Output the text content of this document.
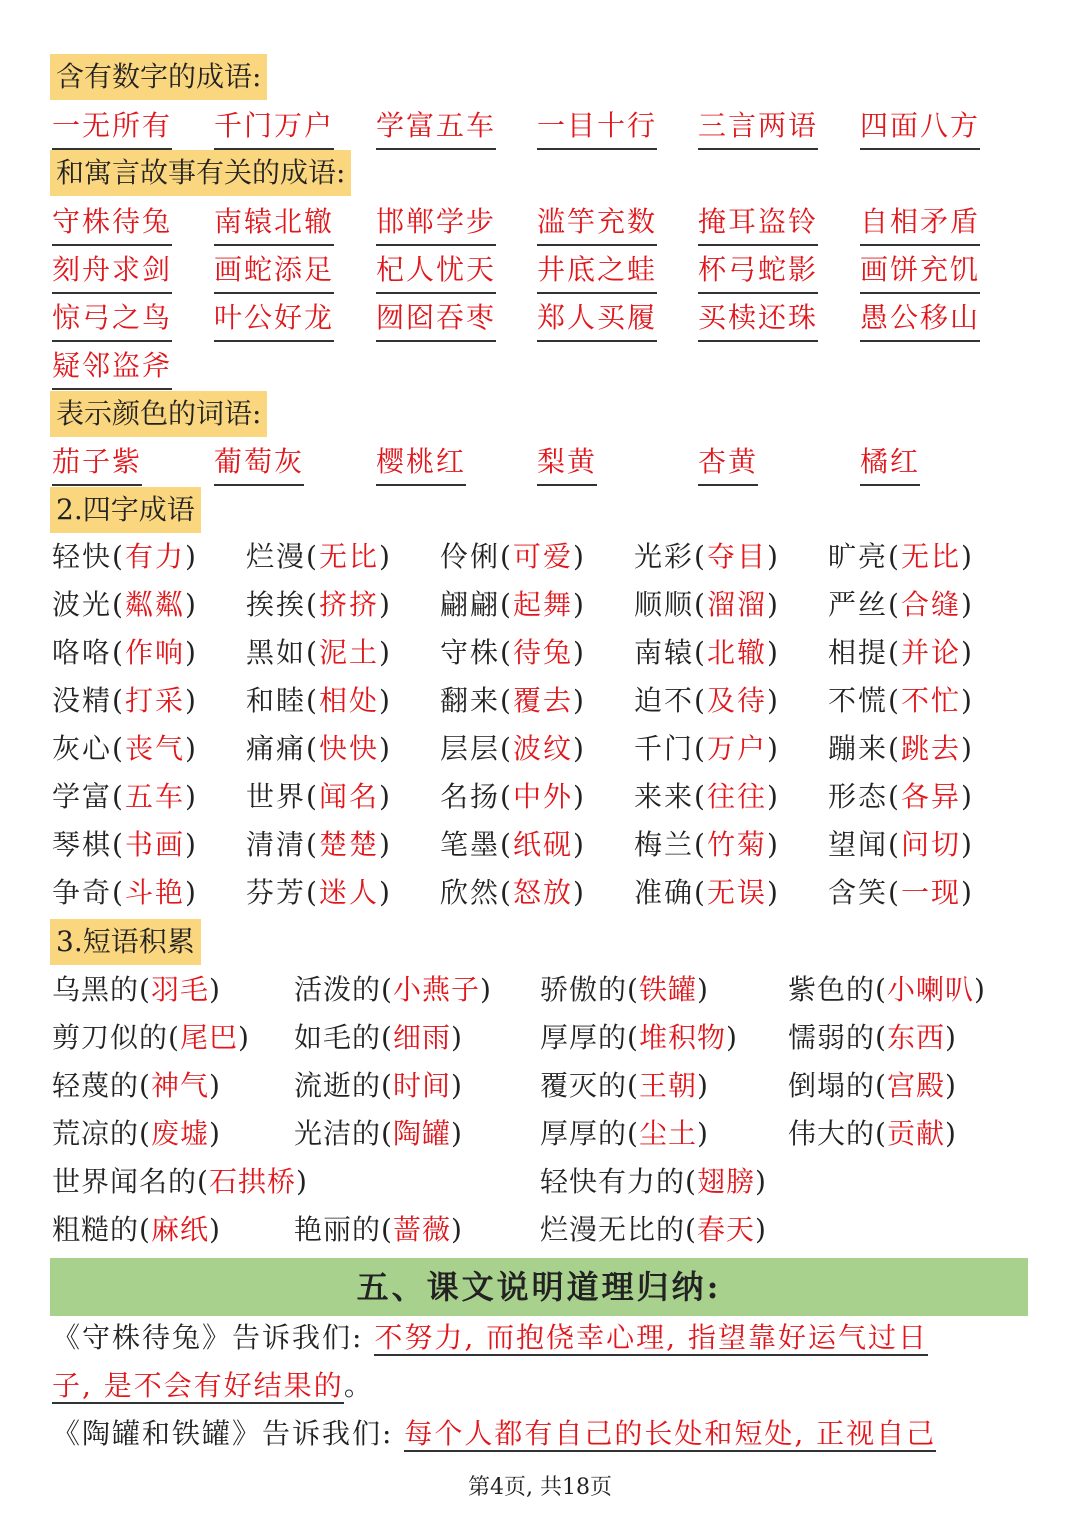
含有数字的成语:
一无所有 千门万户 学富五车 一目十行 三言两语 四面八方
和寓言故事有关的成语:
守株待兔 南辕北辙 邯郸学步 滥竽充数 掩耳盗铃 自相矛盾
刻舟求剑 画蛇添足 杞人忧天 井底之蛙 杯弓蛇影 画饼充饥
惊弓之鸟 叶公好龙 囫囵吞枣 郑人买履 买椟还珠 愚公移山
疑邻盗斧
表示颜色的词语:
茄子紫	葡萄灰	樱桃红	梨黄	杏黄	橘红
2.四字成语
轻快(有力) 烂漫(无比) 伶俐(可爱) 光彩(夺目) 旷亮(无比)
波光(粼粼) 挨挨(挤挤) 翩翩(起舞) 顺顺(溜溜) 严丝(合缝)
咯咯(作响) 黑如(泥土) 守株(待兔) 南辕(北辙) 相提(并论)
没精(打采) 和睦(相处) 翻来(覆去) 迫不(及待) 不慌(不忙)
灰心(丧气) 痛痛(快快) 层层(波纹) 千门(万户) 蹦来(跳去)
学富(五车) 世界(闻名) 名扬(中外) 来来(往往) 形态(各异)
琴棋(书画) 清清(楚楚) 笔墨(纸砚) 梅兰(竹菊) 望闻(问切)
争奇(斗艳) 芬芳(迷人) 欣然(怒放) 准确(无误) 含笑(一现)
3.短语积累
乌黑的(羽毛)	活泼的(小燕子) 骄傲的(铁罐)	紫色的(小喇叭)
剪刀似的(尾巴) 如毛的(细雨)	厚厚的(堆积物) 懦弱的(东西)
轻蔑的(神气)	流逝的(时间)	覆灭的(王朝)	倒塌的(宫殿)
荒凉的(废墟)	光洁的(陶罐)	厚厚的(尘土)	伟大的(贡献)
世界闻名的(石拱桥)	轻快有力的(翅膀)
粗糙的(麻纸)	艳丽的(蔷薇)	烂漫无比的(春天)
五、课文说明道理归纳:
《守株待兔》告诉我们: 不努力, 而抱侥幸心理, 指望靠好运气过日
子, 是不会有好结果的。
《陶罐和铁罐》告诉我们: 每个人都有自己的长处和短处, 正视自己
第4页, 共18页
